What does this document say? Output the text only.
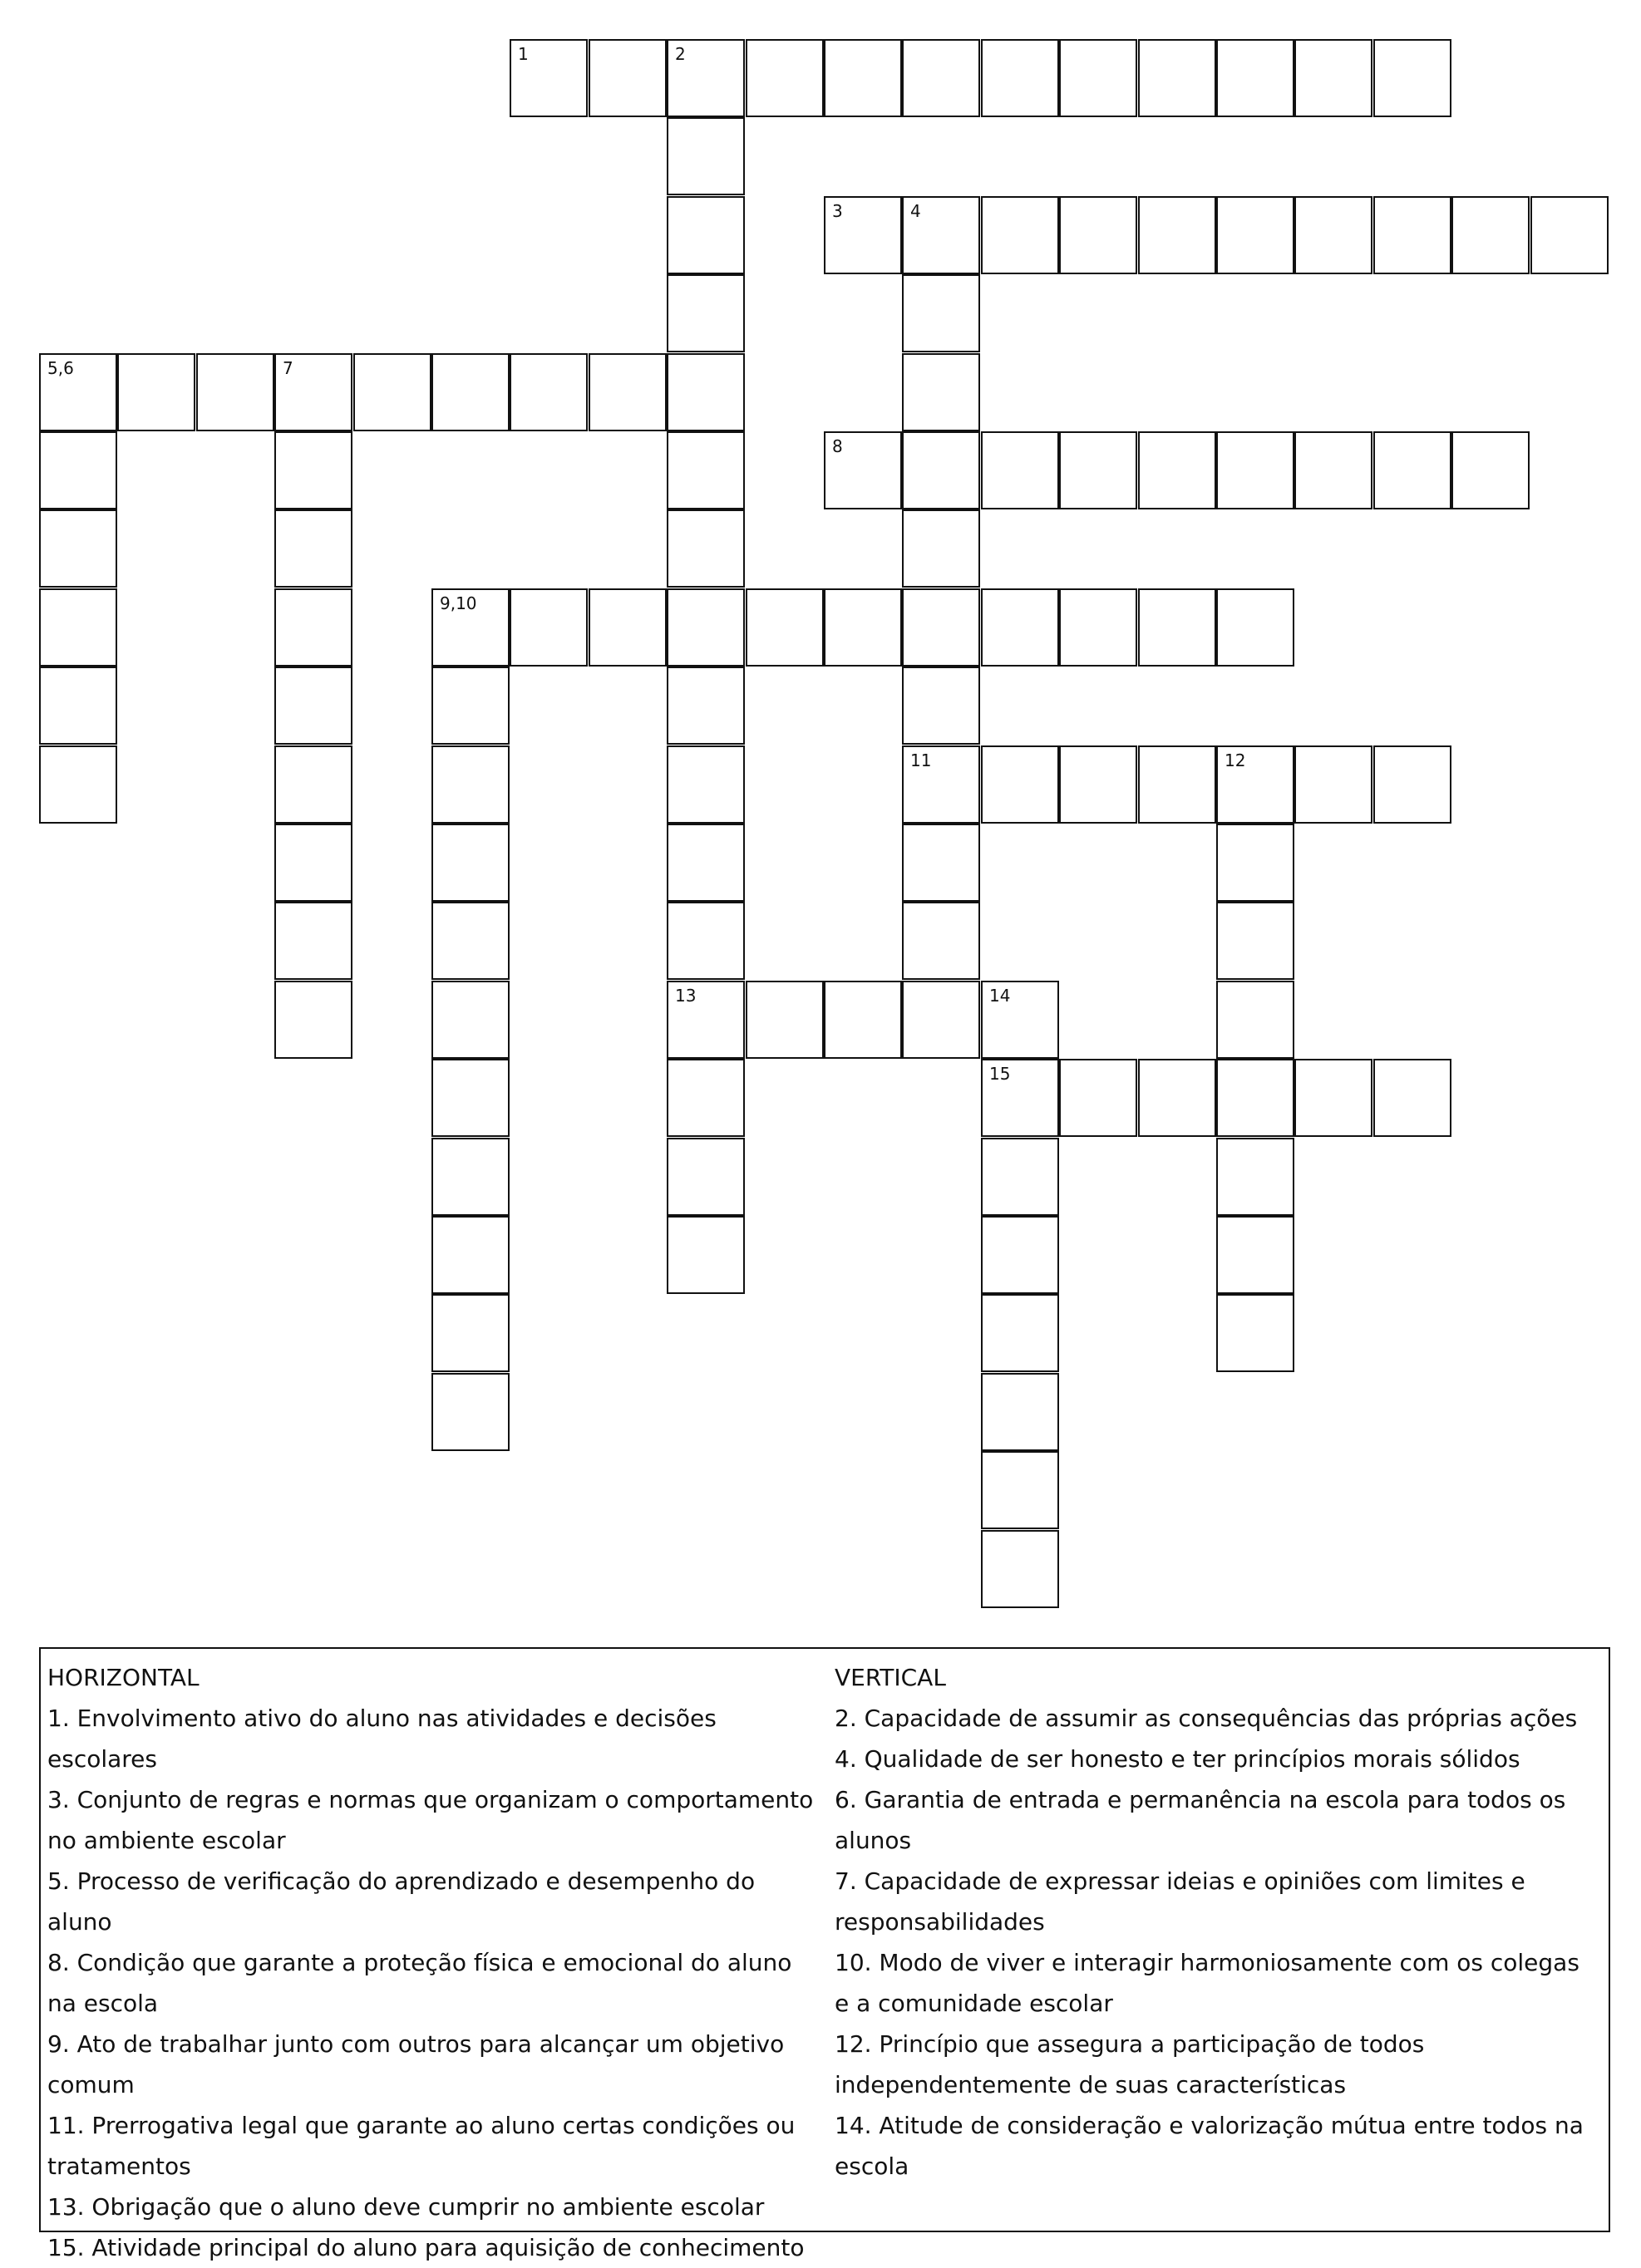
1	2
13
3	4
11
5,6	7
8
9,10
12
14
15
HORIZONTAL
1. Envolvimento ativo do aluno nas atividades e decisões escolares
3. Conjunto de regras e normas que organizam o comportamento no ambiente escolar
5. Processo de verificação do aprendizado e desempenho do aluno
8. Condição que garante a proteção física e emocional do aluno na escola
9. Ato de trabalhar junto com outros para alcançar um objetivo comum
11. Prerrogativa legal que garante ao aluno certas condições ou tratamentos
13. Obrigação que o aluno deve cumprir no ambiente escolar
15. Atividade principal do aluno para aquisição de conhecimento
VERTICAL
2. Capacidade de assumir as consequências das próprias ações
4. Qualidade de ser honesto e ter princípios morais sólidos
6. Garantia de entrada e permanência na escola para todos os alunos
7. Capacidade de expressar ideias e opiniões com limites e responsabilidades
10. Modo de viver e interagir harmoniosamente com os colegas e a comunidade escolar
12. Princípio que assegura a participação de todos independentemente de suas características
14. Atitude de consideração e valorização mútua entre todos na escola
